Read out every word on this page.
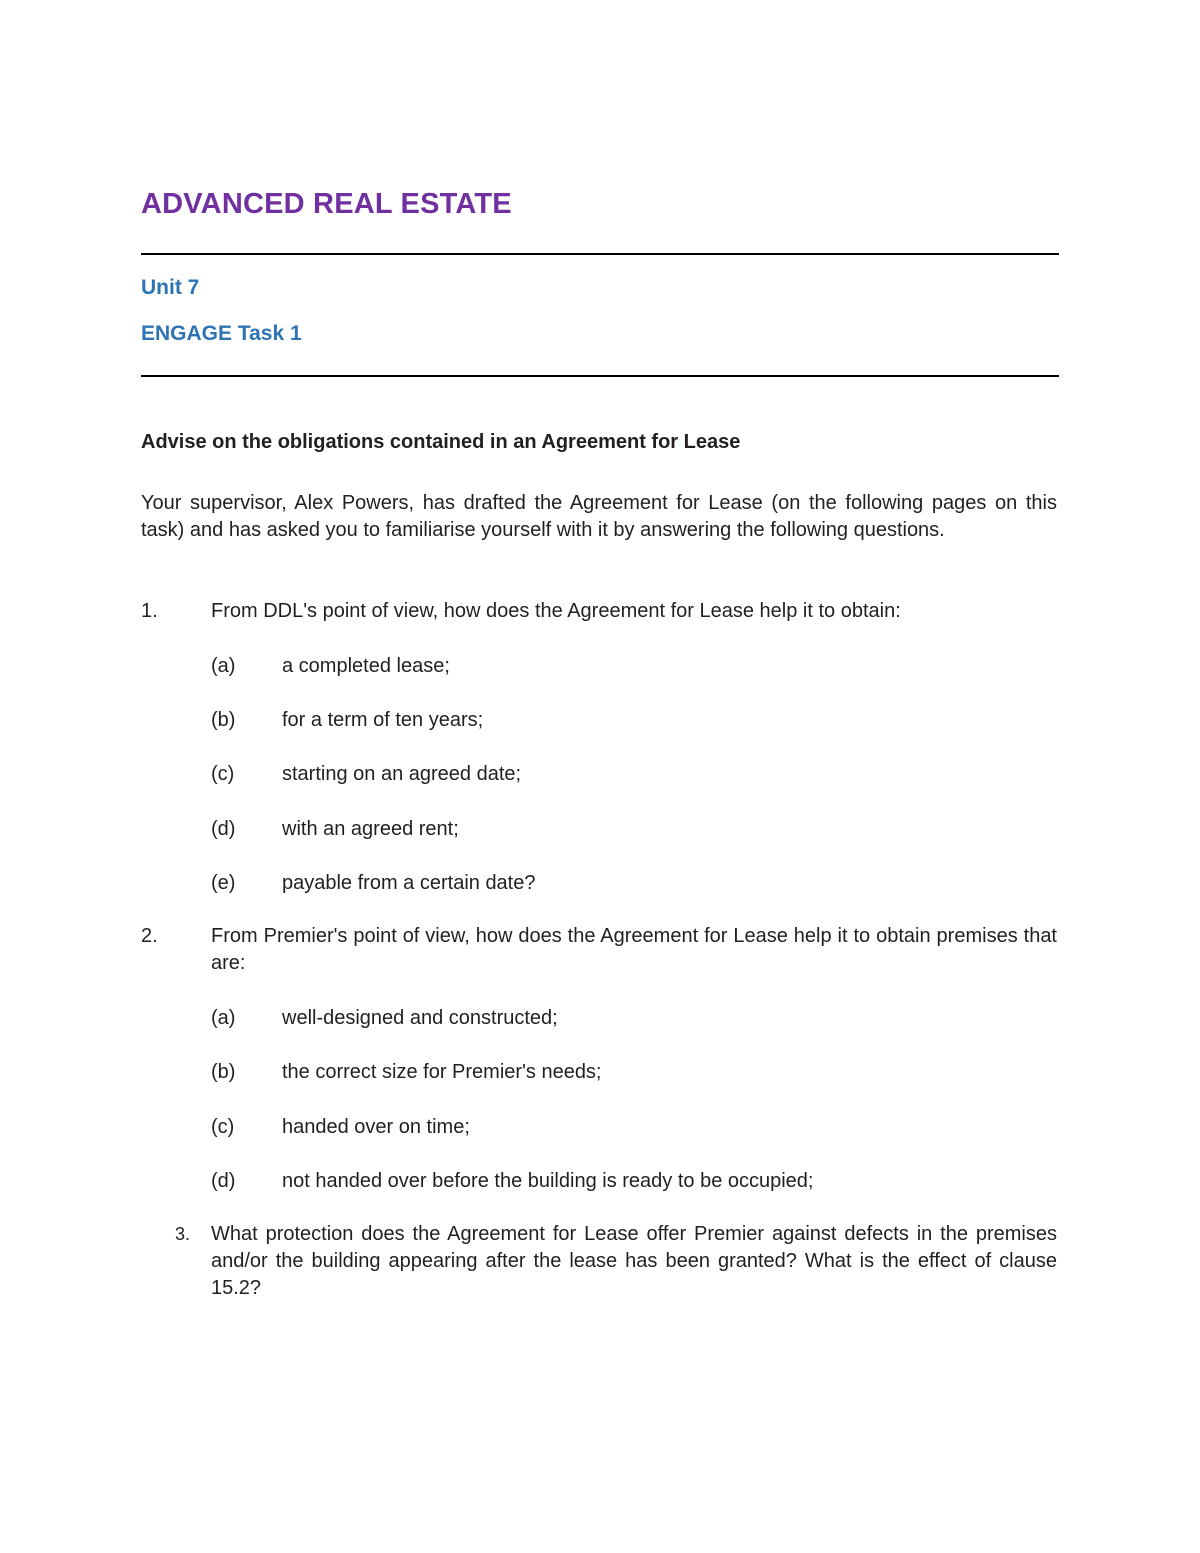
ADVANCED REAL ESTATE
Unit 7
ENGAGE Task 1
Advise on the obligations contained in an Agreement for Lease

Your supervisor, Alex Powers, has drafted the Agreement for Lease (on the following pages on this task) and has asked you to familiarise yourself with it by answering the following questions.

1.	From DDL's point of view, how does the Agreement for Lease help it to obtain:
(a) a completed lease;
(b) for a term of ten years;
(c) starting on an agreed date;
(d) with an agreed rent;
(e) payable from a certain date?
2.	From Premier's point of view, how does the Agreement for Lease help it to obtain premises that are:
(a) well-designed and constructed;
(b) the correct size for Premier's needs;
(c) handed over on time;
(d) not handed over before the building is ready to be occupied;
3. What protection does the Agreement for Lease offer Premier against defects in the premises and/or the building appearing after the lease has been granted? What is the effect of clause 15.2?
